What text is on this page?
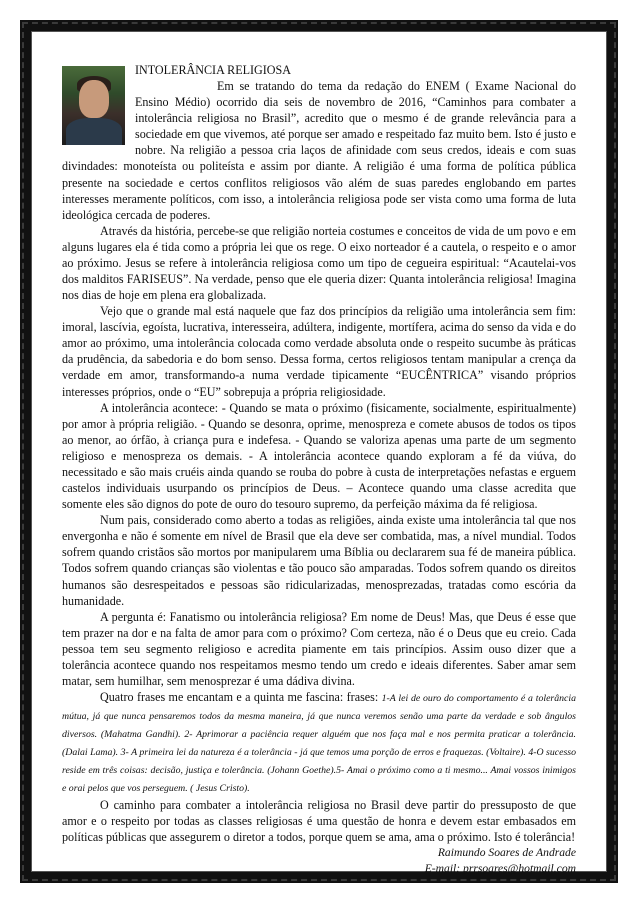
INTOLERÂNCIA RELIGIOSA

Em se tratando do tema da redação do ENEM ( Exame Nacional do Ensino Médio) ocorrido dia seis de novembro de 2016, “Caminhos para combater a intolerância religiosa no Brasil”, acredito que o mesmo é de grande relevância para a sociedade em que vivemos, até porque ser amado e respeitado faz muito bem. Isto é justo e nobre. Na religião a pessoa cria laços de afinidade com seus credos, ideais e com suas divindades: monoteísta ou politeísta e assim por diante. A religião é uma forma de política pública presente na sociedade e certos conflitos religiosos vão além de suas paredes englobando em partes interesses meramente políticos, com isso, a intolerância religiosa pode ser vista como uma forma de luta ideológica cercada de poderes.

Através da história, percebe-se que religião norteia costumes e conceitos de vida de um povo e em alguns lugares ela é tida como a própria lei que os rege. O eixo norteador é a cautela, o respeito e o amor ao próximo. Jesus se refere à intolerância religiosa como um tipo de cegueira espiritual: “Acautelai-vos dos malditos FARISEUS”. Na verdade, penso que ele queria dizer: Quanta intolerância religiosa! Imagina nos dias de hoje em plena era globalizada.

Vejo que o grande mal está naquele que faz dos princípios da religião uma intolerância sem fim: imoral, lascívia, egoísta, lucrativa, interesseira, adúltera, indigente, mortífera, acima do senso da vida e do amor ao próximo, uma intolerância colocada como verdade absoluta onde o respeito sucumbe às práticas da prudência, da sabedoria e do bom senso. Dessa forma, certos religiosos tentam manipular a crença da verdade em amor, transformando-a numa verdade tipicamente “EUCÊNTRICA” visando próprios interesses próprios, onde o “EU” sobrepuja a própria religiosidade.

A intolerância acontece: - Quando se mata o próximo (fisicamente, socialmente, espiritualmente) por amor à própria religião. - Quando se desonra, oprime, menospreza e comete abusos de todos os tipos ao menor, ao órfão, à criança pura e indefesa. - Quando se valoriza apenas uma parte de um segmento religioso e menospreza os demais. - A intolerância acontece quando exploram a fé da viúva, do necessitado e são mais cruéis ainda quando se rouba do pobre à custa de interpretações nefastas e erguem castelos individuais usurpando os princípios de Deus. – Acontece quando uma classe acredita que somente eles são dignos do pote de ouro do tesouro supremo, da perfeição máxima da fé religiosa.

Num pais, considerado como aberto a todas as religiões, ainda existe uma intolerância tal que nos envergonha e não é somente em nível de Brasil que ela deve ser combatida, mas, a nível mundial. Todos sofrem quando cristãos são mortos por manipularem uma Bíblia ou declararem sua fé de maneira pública. Todos sofrem quando crianças são violentas e tão pouco são amparadas. Todos sofrem quando os direitos humanos são desrespeitados e pessoas são ridicularizadas, menosprezadas, tratadas como escória da humanidade.

A pergunta é: Fanatismo ou intolerância religiosa? Em nome de Deus! Mas, que Deus é esse que tem prazer na dor e na falta de amor para com o próximo? Com certeza, não é o Deus que eu creio. Cada pessoa tem seu segmento religioso e acredita piamente em tais princípios. Assim ouso dizer que a tolerância acontece quando nos respeitamos mesmo tendo um credo e ideais diferentes. Saber amar sem matar, sem humilhar, sem menosprezar é uma dádiva divina.

Quatro frases me encantam e a quinta me fascina: frases: 1-A lei de ouro do comportamento é a tolerância mútua, já que nunca pensaremos todos da mesma maneira, já que nunca veremos senão uma parte da verdade e sob ângulos diversos. (Mahatma Gandhi). 2- Aprimorar a paciência requer alguém que nos faça mal e nos permita praticar a tolerância. (Dalai Lama). 3- A primeira lei da natureza é a tolerância - já que temos uma porção de erros e fraquezas. (Voltaire). 4-O sucesso reside em três coisas: decisão, justiça e tolerância. (Johann Goethe).5- Amai o próximo como a ti mesmo... Amai vossos inimigos e orai pelos que vos perseguem. ( Jesus Cristo).

O caminho para combater a intolerância religiosa no Brasil deve partir do pressuposto de que amor e o respeito por todas as classes religiosas é uma questão de honra e devem estar embasados em políticas públicas que assegurem o diretor a todos, porque quem se ama, ama o próximo. Isto é tolerância!

Raimundo Soares de Andrade

E-mail: prrsoares@hotmail.com
